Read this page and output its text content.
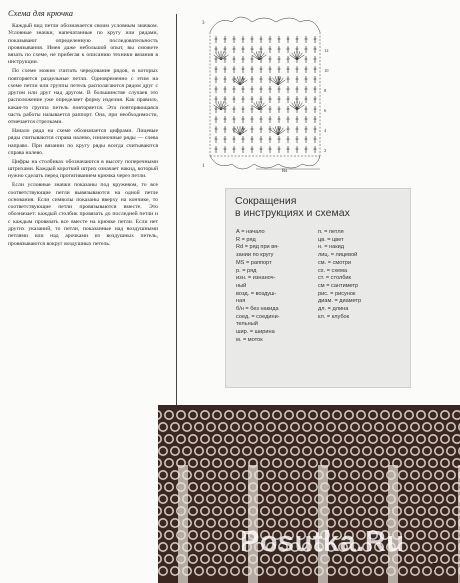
Схема для крючка

Каждый вид петли обозначается своим условным значком. Условные значки, напечатанные по кругу или рядами, показывают определенную последовательность провязывания. Имея даже небольшой опыт, вы сможете вязать по схеме, не прибегая к описанию техники вязания в инструкции.

По схеме можно считать чередование рядов, в которых повторяется раздельные петли. Одновременно с этим на схеме петли или группы петель располагаются рядом друг с другом или друг над другом. В большинстве случаев это расположение уже определяет форму изделия. Как правило, какая-то группа петель повторяется. Эта повторяющаяся часть работы называется раппорт. Она, при необходимости, отмечается стрелками.

Начало ряда на схеме обозначается цифрами. Лицевые ряды считываются справа налево, изнаночные ряды — слева направо. При вязании по кругу ряды всегда считываются справа налево.

Цифры на столбиках обозначаются в высоту поперечными штрихами. Каждый короткий штрих означает накид, который нужно сделать перед протягиванием крючка через петли.

Если условные значки показаны под кружевом, то все соответствующие петли вывязываются на одной петле основания. Если символы показаны вверху на кончике, то соответствующие петли провязываются вместе. Это обозначает: каждый столбик провязать до последней петли и с каждым провязать все вместе на крючке петли. Если нет других указаний, то петли, показанные над воздушными петлями или над арочками из воздушных петель, провязываются вокруг воздушных петель.

3
1
Rs
2
4
6
8
10
12
Сокращения
в инструкциях и схемах
А = начало	п. = петля
R = ряд	цв. = цвет
Rd = ряд при вя-	н. = накид
зании по кругу	лиц. = лицевой
MS = раппорт	см. = смотри
р. = ряд	сх. = схема
изн. = изнаноч-	ст. = столбик
ный	см = сантиметр
возд. = воздуш-	рис. = рисунок
ная	диам. = диаметр
б/н = без накида	дл. = длина
соед. = соедини-	кл. = клубок
тельный
шир. = ширина
м. = моток
7
Posutka.Ru
